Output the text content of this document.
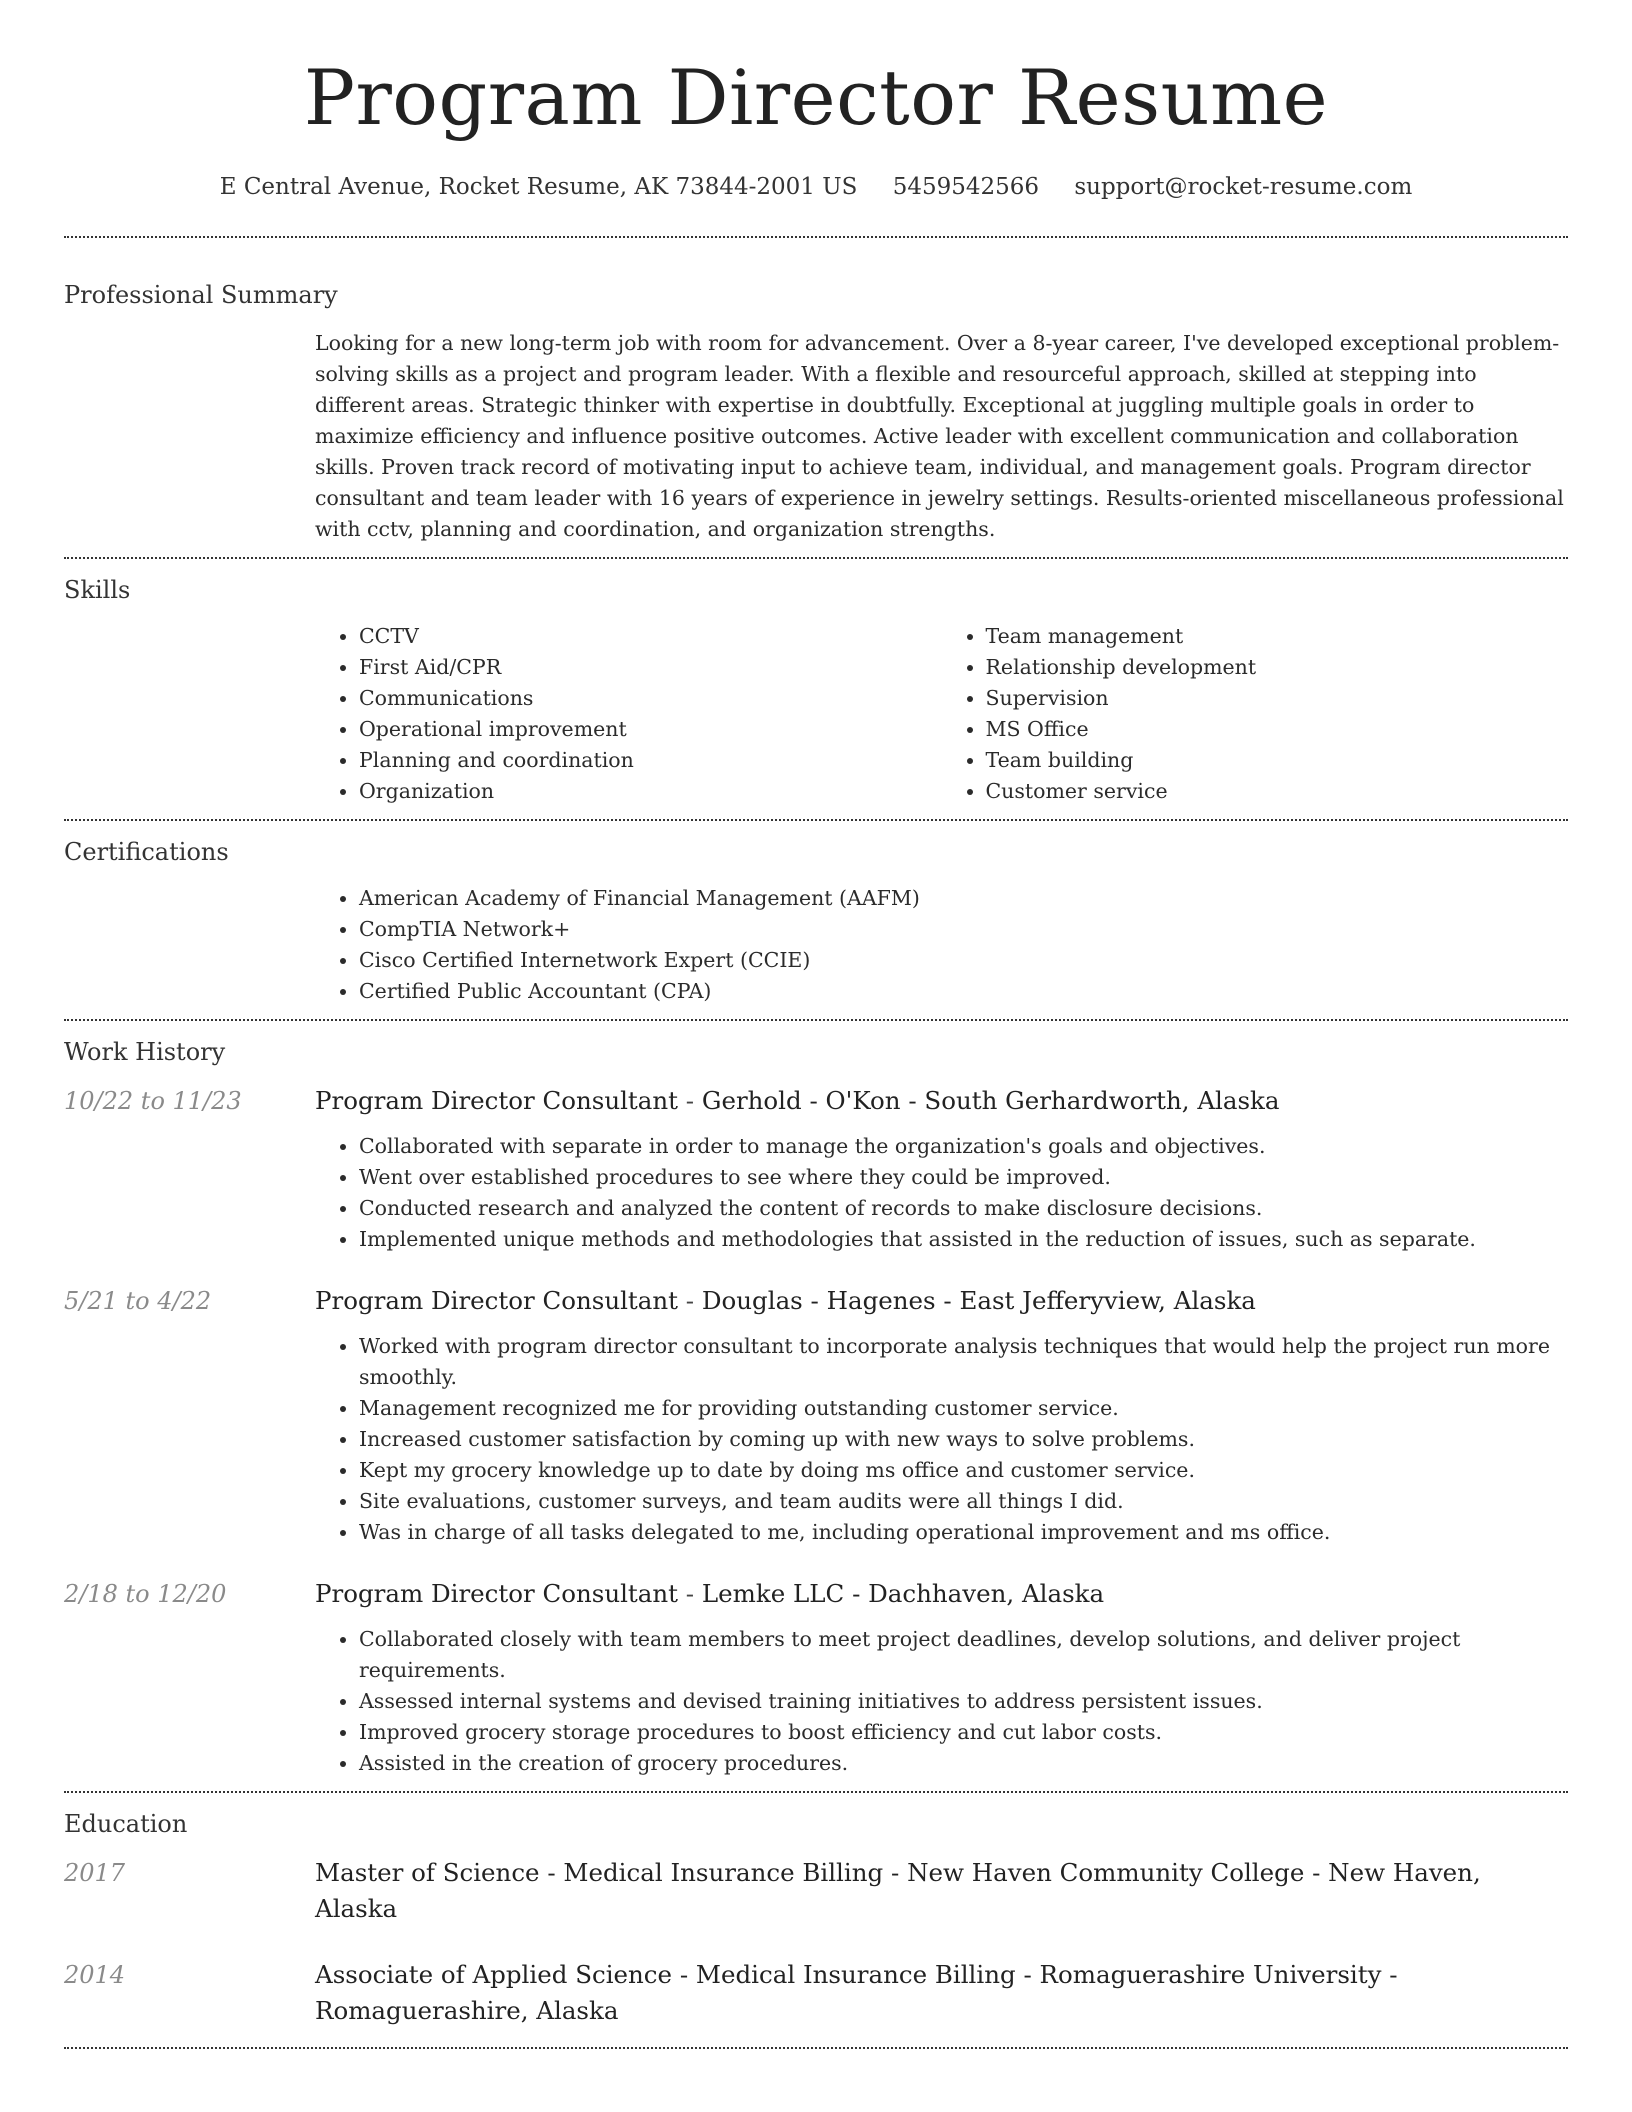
Program Director Resume
E Central Avenue, Rocket Resume, AK 73844-2001 US 5459542566 support@rocket-resume.com
Professional Summary

Looking for a new long-term job with room for advancement. Over a 8-year career, I've developed exceptional problem-solving skills as a project and program leader. With a flexible and resourceful approach, skilled at stepping into different areas. Strategic thinker with expertise in doubtfully. Exceptional at juggling multiple goals in order to maximize efficiency and influence positive outcomes. Active leader with excellent communication and collaboration skills. Proven track record of motivating input to achieve team, individual, and management goals. Program director consultant and team leader with 16 years of experience in jewelry settings. Results-oriented miscellaneous professional with cctv, planning and coordination, and organization strengths.

Skills
• CCTV
• First Aid/CPR
• Communications
• Operational improvement
• Planning and coordination
• Organization
• Team management
• Relationship development
• Supervision
• MS Office
• Team building
• Customer service
Certifications
• American Academy of Financial Management (AAFM)
• CompTIA Network+
• Cisco Certified Internetwork Expert (CCIE)
• Certified Public Accountant (CPA)
Work History
10/22 to 11/23	Program Director Consultant - Gerhold - O'Kon - South Gerhardworth, Alaska
• Collaborated with separate in order to manage the organization's goals and objectives.
• Went over established procedures to see where they could be improved.
• Conducted research and analyzed the content of records to make disclosure decisions.
• Implemented unique methods and methodologies that assisted in the reduction of issues, such as separate.
5/21 to 4/22	Program Director Consultant - Douglas - Hagenes - East Jefferyview, Alaska
• Worked with program director consultant to incorporate analysis techniques that would help the project run more smoothly.
• Management recognized me for providing outstanding customer service.
• Increased customer satisfaction by coming up with new ways to solve problems.
• Kept my grocery knowledge up to date by doing ms office and customer service.
• Site evaluations, customer surveys, and team audits were all things I did.
• Was in charge of all tasks delegated to me, including operational improvement and ms office.
2/18 to 12/20	Program Director Consultant - Lemke LLC - Dachhaven, Alaska
• Collaborated closely with team members to meet project deadlines, develop solutions, and deliver project requirements.
• Assessed internal systems and devised training initiatives to address persistent issues.
• Improved grocery storage procedures to boost efficiency and cut labor costs.
• Assisted in the creation of grocery procedures.
Education
2017	Master of Science - Medical Insurance Billing - New Haven Community College - New Haven, Alaska
2014	Associate of Applied Science - Medical Insurance Billing - Romaguerashire University - Romaguerashire, Alaska
